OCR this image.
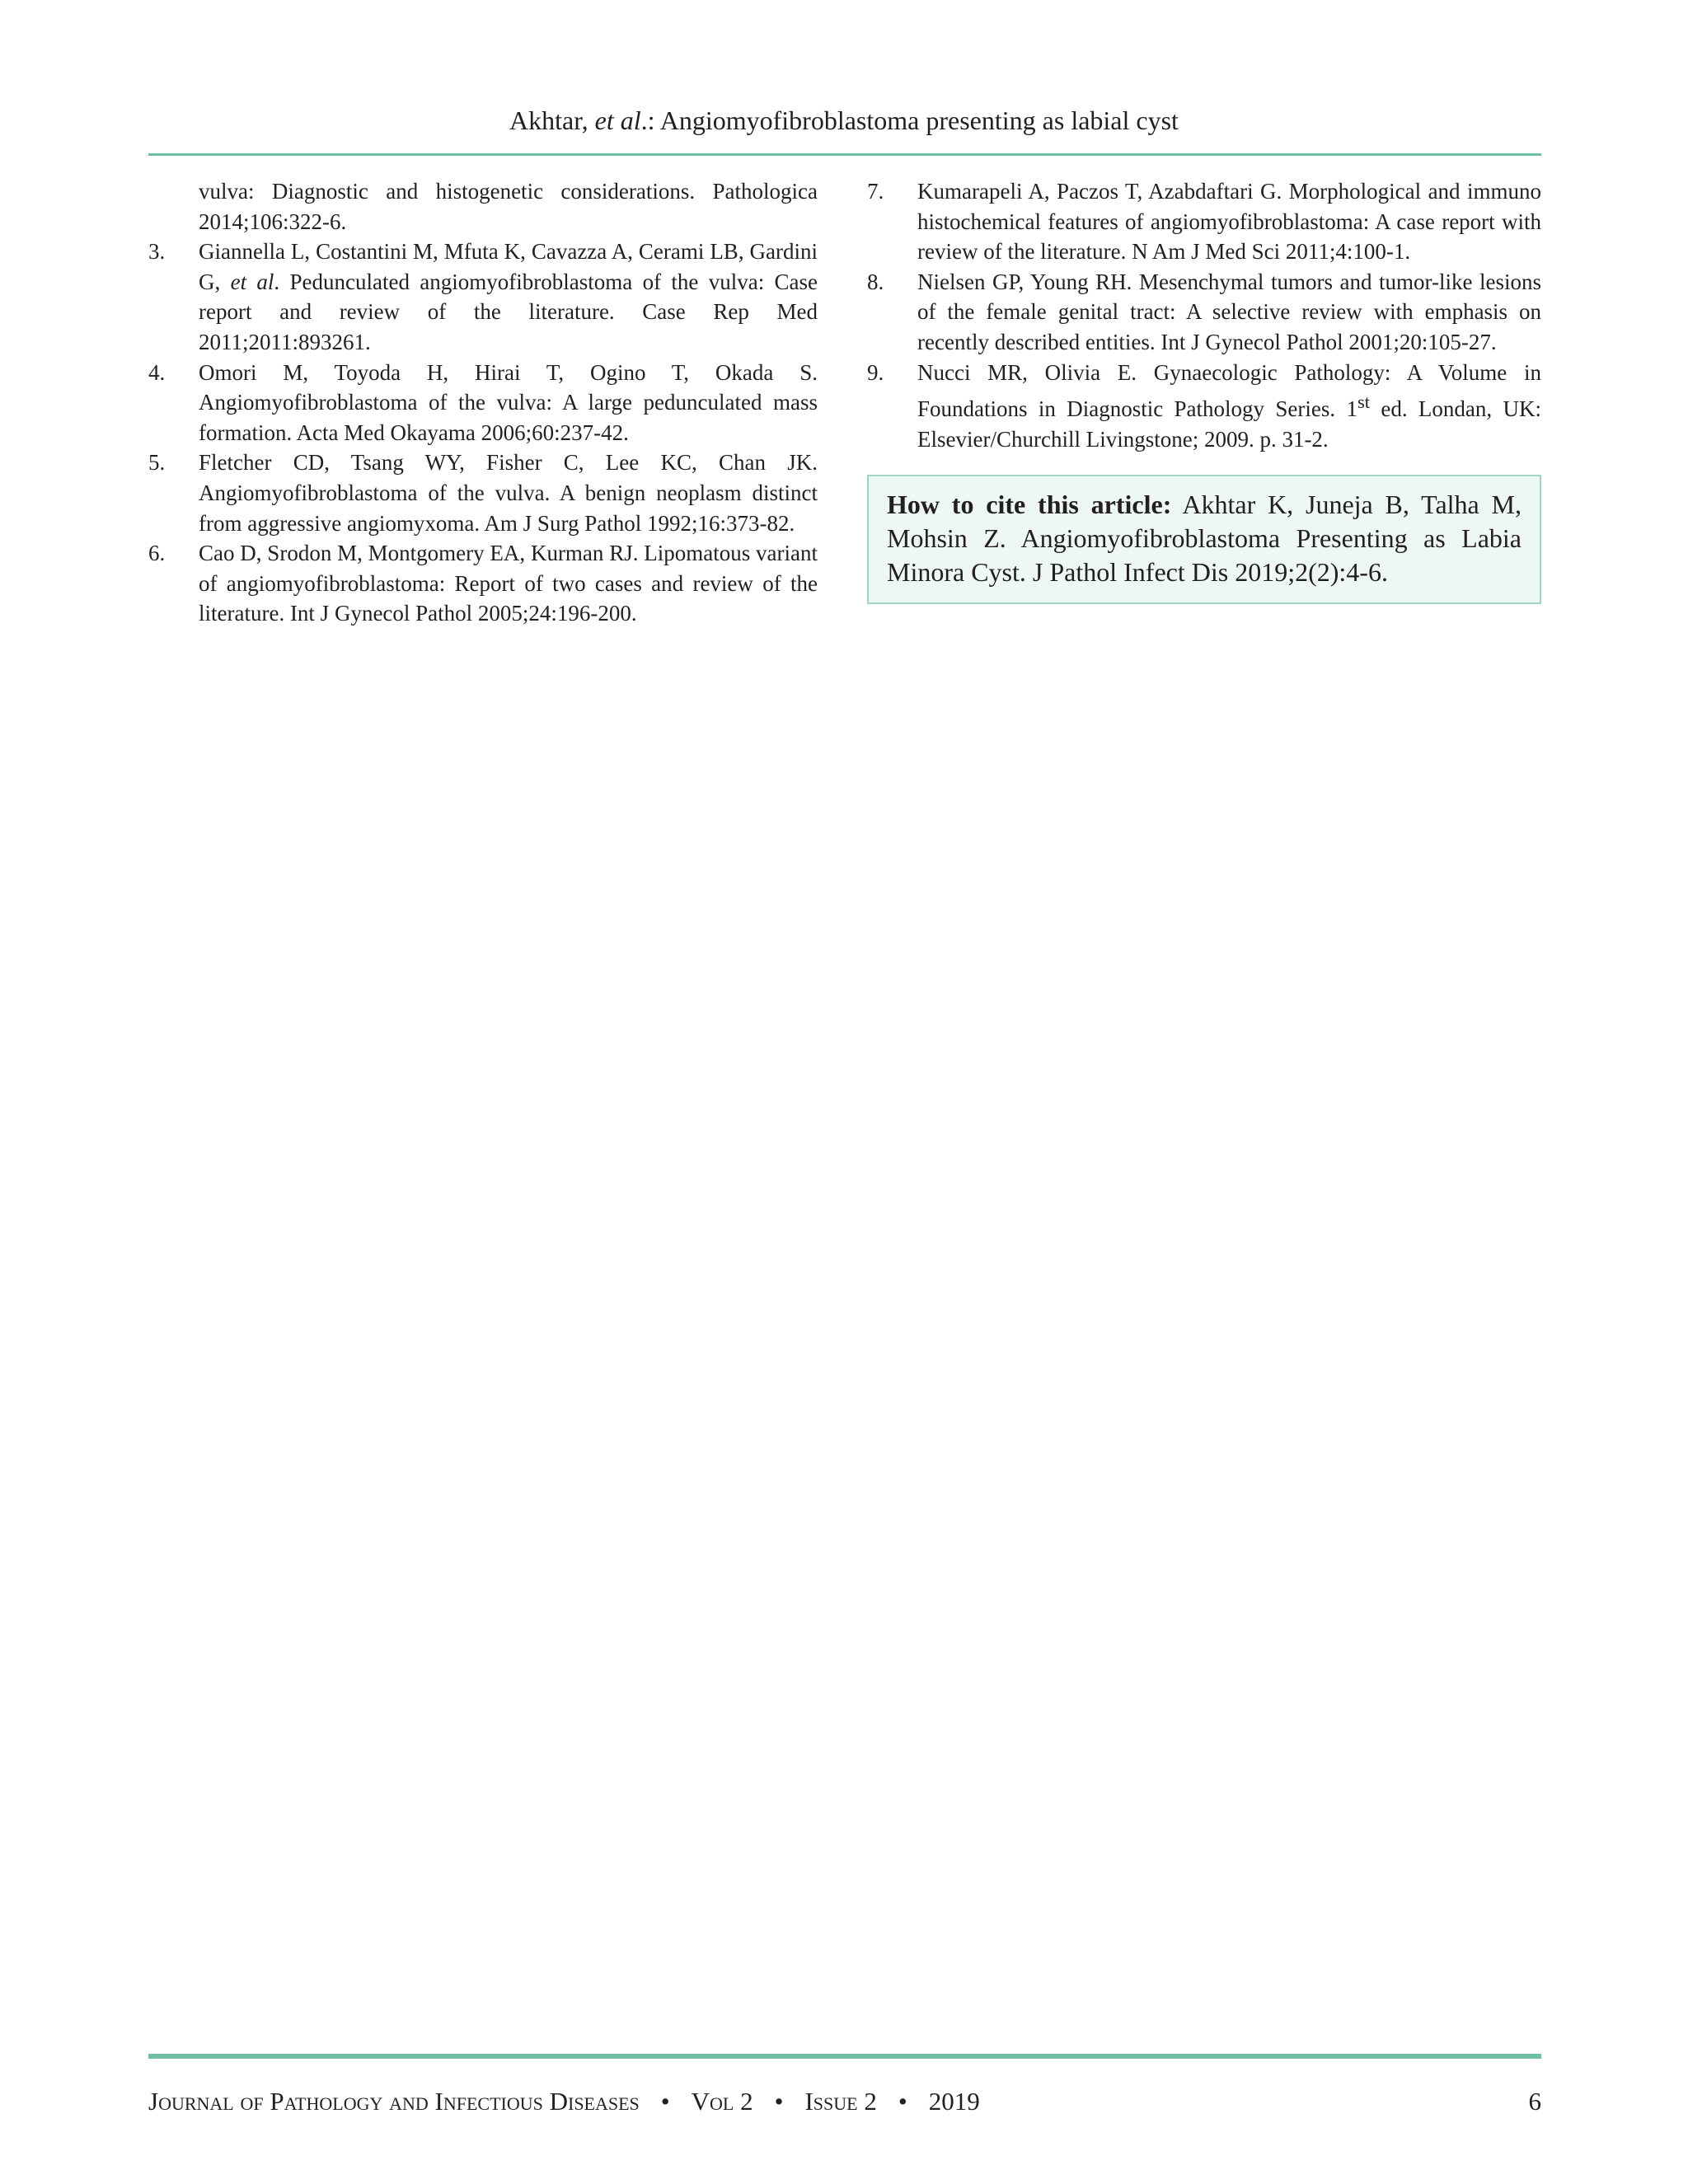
Akhtar, et al.: Angiomyofibroblastoma presenting as labial cyst
vulva: Diagnostic and histogenetic considerations. Pathologica 2014;106:322-6.
3. Giannella L, Costantini M, Mfuta K, Cavazza A, Cerami LB, Gardini G, et al. Pedunculated angiomyofibroblastoma of the vulva: Case report and review of the literature. Case Rep Med 2011;2011:893261.
4. Omori M, Toyoda H, Hirai T, Ogino T, Okada S. Angiomyofibroblastoma of the vulva: A large pedunculated mass formation. Acta Med Okayama 2006;60:237-42.
5. Fletcher CD, Tsang WY, Fisher C, Lee KC, Chan JK. Angiomyofibroblastoma of the vulva. A benign neoplasm distinct from aggressive angiomyxoma. Am J Surg Pathol 1992;16:373-82.
6. Cao D, Srodon M, Montgomery EA, Kurman RJ. Lipomatous variant of angiomyofibroblastoma: Report of two cases and review of the literature. Int J Gynecol Pathol 2005;24:196-200.
7. Kumarapeli A, Paczos T, Azabdaftari G. Morphological and immuno histochemical features of angiomyofibroblastoma: A case report with review of the literature. N Am J Med Sci 2011;4:100-1.
8. Nielsen GP, Young RH. Mesenchymal tumors and tumor-like lesions of the female genital tract: A selective review with emphasis on recently described entities. Int J Gynecol Pathol 2001;20:105-27.
9. Nucci MR, Olivia E. Gynaecologic Pathology: A Volume in Foundations in Diagnostic Pathology Series. 1st ed. Londan, UK: Elsevier/Churchill Livingstone; 2009. p. 31-2.
How to cite this article: Akhtar K, Juneja B, Talha M, Mohsin Z. Angiomyofibroblastoma Presenting as Labia Minora Cyst. J Pathol Infect Dis 2019;2(2):4-6.
Journal of Pathology and Infectious Diseases • Vol 2 • Issue 2 • 2019	6
